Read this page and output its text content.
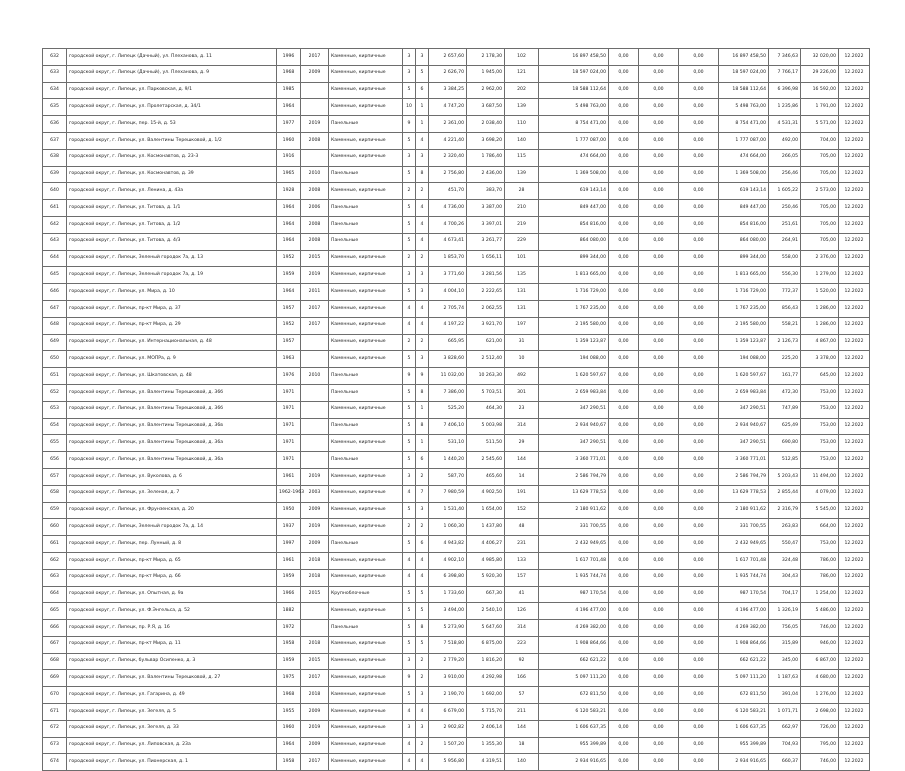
632	городской округ, г. Липецк (Дачный), ул. Плеханова, д. 11	1996	2017	Каменные, кирпичные	3	3	2 657,60	2 178,30	102	16 897 458,50	0,00	0,00	0,00	16 897 458,50	7 346,63	32 020,00	12.2022
633	городской округ, г. Липецк (Дачный), ул. Плеханова, д. 9	1968	2009	Каменные, кирпичные	3	5	2 626,70	1 945,00	121	18 597 024,00	0,00	0,00	0,00	18 597 024,00	7 766,17	29 226,00	12.2022
634	городской округ, г. Липецк, ул. Парковская, д. 9/1	1985		Каменные, кирпичные	5	6	3 384,25	2 962,00	202	18 588 112,64	0,00	0,00	0,00	18 588 112,64	6 396,98	16 592,00	12.2022
635	городской округ, г. Липецк, ул. Пролетарская, д. 34/1	1964		Каменные, кирпичные	10	1	4 747,20	3 687,50	139	5 498 763,00	0,00	0,00	0,00	5 498 763,00	1 235,86	1 791,00	12.2022
636	городской округ, г. Липецк, пер. 15-й, д. 53	1977	2019	Панельные	9	1	2 361,00	2 038,40	110	8 754 471,00	0,00	0,00	0,00	8 754 471,00	4 531,31	5 571,00	12.2022
637	городской округ, г. Липецк, ул. Валентины Терешковой, д. 1/2	1960	2008	Каменные, кирпичные	5	4	4 221,40	3 698,20	140	1 777 087,00	0,00	0,00	0,00	1 777 087,00	492,00	704,00	12.2022
638	городской округ, г. Липецк, ул. Космонавтов, д. 23-3	1916		Каменные, кирпичные	3	3	2 320,40	1 786,40	115	474 664,00	0,00	0,00	0,00	474 664,00	266,05	705,00	12.2022
639	городской округ, г. Липецк, ул. Космонавтов, д. 39	1965	2010	Панельные	5	8	2 756,80	2 436,00	139	1 369 508,00	0,00	0,00	0,00	1 369 508,00	256,46	705,00	12.2022
640	городской округ, г. Липецк, ул. Ленина, д. 43а	1928	2008	Каменные, кирпичные	2	2	451,70	383,70	28	619 143,14	0,00	0,00	0,00	619 143,14	1 605,22	2 573,00	12.2022
641	городской округ, г. Липецк, ул. Титова, д. 1/1	1964	2006	Панельные	5	4	4 736,00	3 387,00	210	849 447,00	0,00	0,00	0,00	849 447,00	250,46	705,00	12.2022
642	городской округ, г. Липецк, ул. Титова, д. 1/2	1964	2008	Панельные	5	4	4 700,26	3 397,01	219	854 816,00	0,00	0,00	0,00	854 816,00	251,61	705,00	12.2022
643	городской округ, г. Липецк, ул. Титова, д. 4/3	1964	2008	Панельные	5	4	4 673,41	3 261,77	229	864 080,00	0,00	0,00	0,00	864 080,00	264,91	705,00	12.2022
644	городской округ, г. Липецк, Зеленый городок 7а, д. 13	1952	2015	Каменные, кирпичные	2	2	1 853,70	1 656,11	101	899 344,00	0,00	0,00	0,00	899 344,00	558,00	2 376,00	12.2022
645	городской округ, г. Липецк, Зеленый городок 7а, д. 19	1959	2019	Каменные, кирпичные	3	3	3 771,60	3 281,56	135	1 813 665,00	0,00	0,00	0,00	1 813 665,00	556,30	1 279,00	12.2022
646	городской округ, г. Липецк, ул. Мира, д. 10	1964	2011	Каменные, кирпичные	5	3	4 004,10	2 222,65	131	1 716 729,00	0,00	0,00	0,00	1 716 729,00	772,37	1 520,00	12.2022
647	городской округ, г. Липецк, пр-кт Мира, д. 37	1957	2017	Каменные, кирпичные	4	4	2 705,74	2 062,55	131	1 767 235,00	0,00	0,00	0,00	1 767 235,00	856,43	1 286,00	12.2022
648	городской округ, г. Липецк, пр-кт Мира, д. 29	1952	2017	Каменные, кирпичные	4	4	4 197,22	3 921,70	197	2 195 580,00	0,00	0,00	0,00	2 195 580,00	558,21	1 286,00	12.2022
649	городской округ, г. Липецк, ул. Интернациональная, д. 48	1957		Каменные, кирпичные	2	2	665,95	621,00	31	1 359 123,87	0,00	0,00	0,00	1 359 123,87	2 126,73	4 867,00	12.2022
650	городской округ, г. Липецк, ул. МОПРа, д. 9	1963		Каменные, кирпичные	5	3	3 828,60	2 512,40	10	194 088,00	0,00	0,00	0,00	194 088,00	225,20	3 378,00	12.2022
651	городской округ, г. Липецк, ул. Шкатовская, д. 48	1976	2010	Панельные	9	9	11 032,00	10 263,30	492	1 620 597,67	0,00	0,00	0,00	1 620 597,67	161,77	645,00	12.2022
652	городской округ, г. Липецк, ул. Валентины Терешковой, д. 36б	1971		Панельные	5	8	7 386,00	5 703,51	301	2 659 983,84	0,00	0,00	0,00	2 659 983,84	472,30	753,00	12.2022
653	городской округ, г. Липецк, ул. Валентины Терешковой, д. 36б	1971		Каменные, кирпичные	5	1	525,20	464,30	23	347 290,51	0,00	0,00	0,00	347 290,51	747,89	753,00	12.2022
654	городской округ, г. Липецк, ул. Валентины Терешковой, д. 36в	1971		Панельные	5	8	7 406,10	5 003,98	314	2 934 940,67	0,00	0,00	0,00	2 934 940,67	625,49	753,00	12.2022
655	городской округ, г. Липецк, ул. Валентины Терешковой, д. 36а	1971		Каменные, кирпичные	5	1	531,10	511,50	29	347 290,51	0,00	0,00	0,00	347 290,51	690,80	753,00	12.2022
656	городской округ, г. Липецк, ул. Валентины Терешковой, д. 36а	1971		Панельные	5	6	1 440,20	2 545,60	144	3 360 771,01	0,00	0,00	0,00	3 360 771,01	512,85	753,00	12.2022
657	городской округ, г. Липецк, ул. Вуколова, д. 6	1961	2019	Каменные, кирпичные	3	2	587,70	465,60	14	2 586 794,79	0,00	0,00	0,00	2 586 794,79	5 203,43	11 494,00	12.2022
658	городской округ, г. Липецк, ул. Зеленая, д. 7	1962-1963	2003	Каменные, кирпичные	4	7	7 980,59	4 902,50	191	13 629 778,53	0,00	0,00	0,00	13 629 778,53	2 855,44	4 079,00	12.2022
659	городской округ, г. Липецк, ул. Фрунзенская, д. 20	1950	2009	Каменные, кирпичные	5	3	1 531,40	1 654,00	152	2 180 911,62	0,00	0,00	0,00	2 180 911,62	2 316,79	5 545,00	12.2022
660	городской округ, г. Липецк, Зеленый городок 7а, д. 14	1937	2019	Каменные, кирпичные	2	2	1 060,30	1 437,80	48	331 700,55	0,00	0,00	0,00	331 700,55	263,83	664,00	12.2022
661	городской округ, г. Липецк, пер. Лунный, д. 8	1997	2009	Панельные	5	6	4 943,82	4 406,27	231	2 432 949,65	0,00	0,00	0,00	2 432 949,65	550,47	753,00	12.2022
662	городской округ, г. Липецк, пр-кт Мира, д. 65	1961	2018	Каменные, кирпичные	4	4	4 902,10	4 985,80	133	1 617 701,48	0,00	0,00	0,00	1 617 701,48	324,48	786,00	12.2022
663	городской округ, г. Липецк, пр-кт Мира, д. 66	1959	2018	Каменные, кирпичные	4	4	6 398,80	5 920,30	157	1 935 744,74	0,00	0,00	0,00	1 935 744,74	304,43	786,00	12.2022
664	городской округ, г. Липецк, ул. Опытная, д. 9а	1966	2015	Крупноблочные	5	5	1 733,60	667,30	41	987 170,54	0,00	0,00	0,00	987 170,54	704,17	1 254,00	12.2022
665	городской округ, г. Липецк, ул. Ф.Энгельса, д. 52	1882		Каменные, кирпичные	5	5	3 494,00	2 540,10	126	4 196 477,00	0,00	0,00	0,00	4 196 477,00	1 326,19	5 486,00	12.2022
666	городской округ, г. Липецк, пр. Р.Я, д. 16	1972		Панельные	5	8	5 273,90	5 647,60	314	4 269 382,00	0,00	0,00	0,00	4 269 382,00	756,05	746,00	12.2022
667	городской округ, г. Липецк, пр-кт Мира, д. 11	1958	2018	Каменные, кирпичные	5	5	7 518,80	6 875,00	223	1 908 864,66	0,00	0,00	0,00	1 908 864,66	315,89	946,00	12.2022
668	городской округ, г. Липецк, бульвар Осипенко, д. 3	1959	2015	Каменные, кирпичные	3	2	2 779,20	1 816,20	92	662 621,22	0,00	0,00	0,00	662 621,22	345,00	6 867,00	12.2022
669	городской округ, г. Липецк, ул. Валентины Терешковой, д. 27	1975	2017	Каменные, кирпичные	9	2	3 910,00	4 292,98	166	5 097 111,20	0,00	0,00	0,00	5 097 111,20	1 187,63	4 680,00	12.2022
670	городской округ, г. Липецк, ул. Гагарина, д. 49	1968	2018	Каменные, кирпичные	5	3	2 190,70	1 692,00	57	672 811,50	0,00	0,00	0,00	672 811,50	391,04	1 276,00	12.2022
671	городской округ, г. Липецк, ул. Зегеля, д. 5	1955	2009	Каменные, кирпичные	4	4	6 679,00	5 715,70	211	6 120 583,21	0,00	0,00	0,00	6 120 583,21	1 071,71	2 698,00	12.2022
672	городской округ, г. Липецк, ул. Зегеля, д. 33	1960	2019	Каменные, кирпичные	3	3	2 902,82	2 406,14	144	1 606 637,35	0,00	0,00	0,00	1 606 637,35	662,97	726,00	12.2022
673	городской округ, г. Липецк, ул. Липовская, д. 23а	1964	2009	Каменные, кирпичные	4	2	1 507,20	1 355,30	18	955 399,89	0,00	0,00	0,00	955 399,89	704,93	795,00	12.2022
674	городской округ, г. Липецк, ул. Пионерская, д. 1	1958	2017	Каменные, кирпичные	4	4	5 956,80	4 319,51	140	2 934 916,65	0,00	0,00	0,00	2 934 916,65	660,37	746,00	12.2022
